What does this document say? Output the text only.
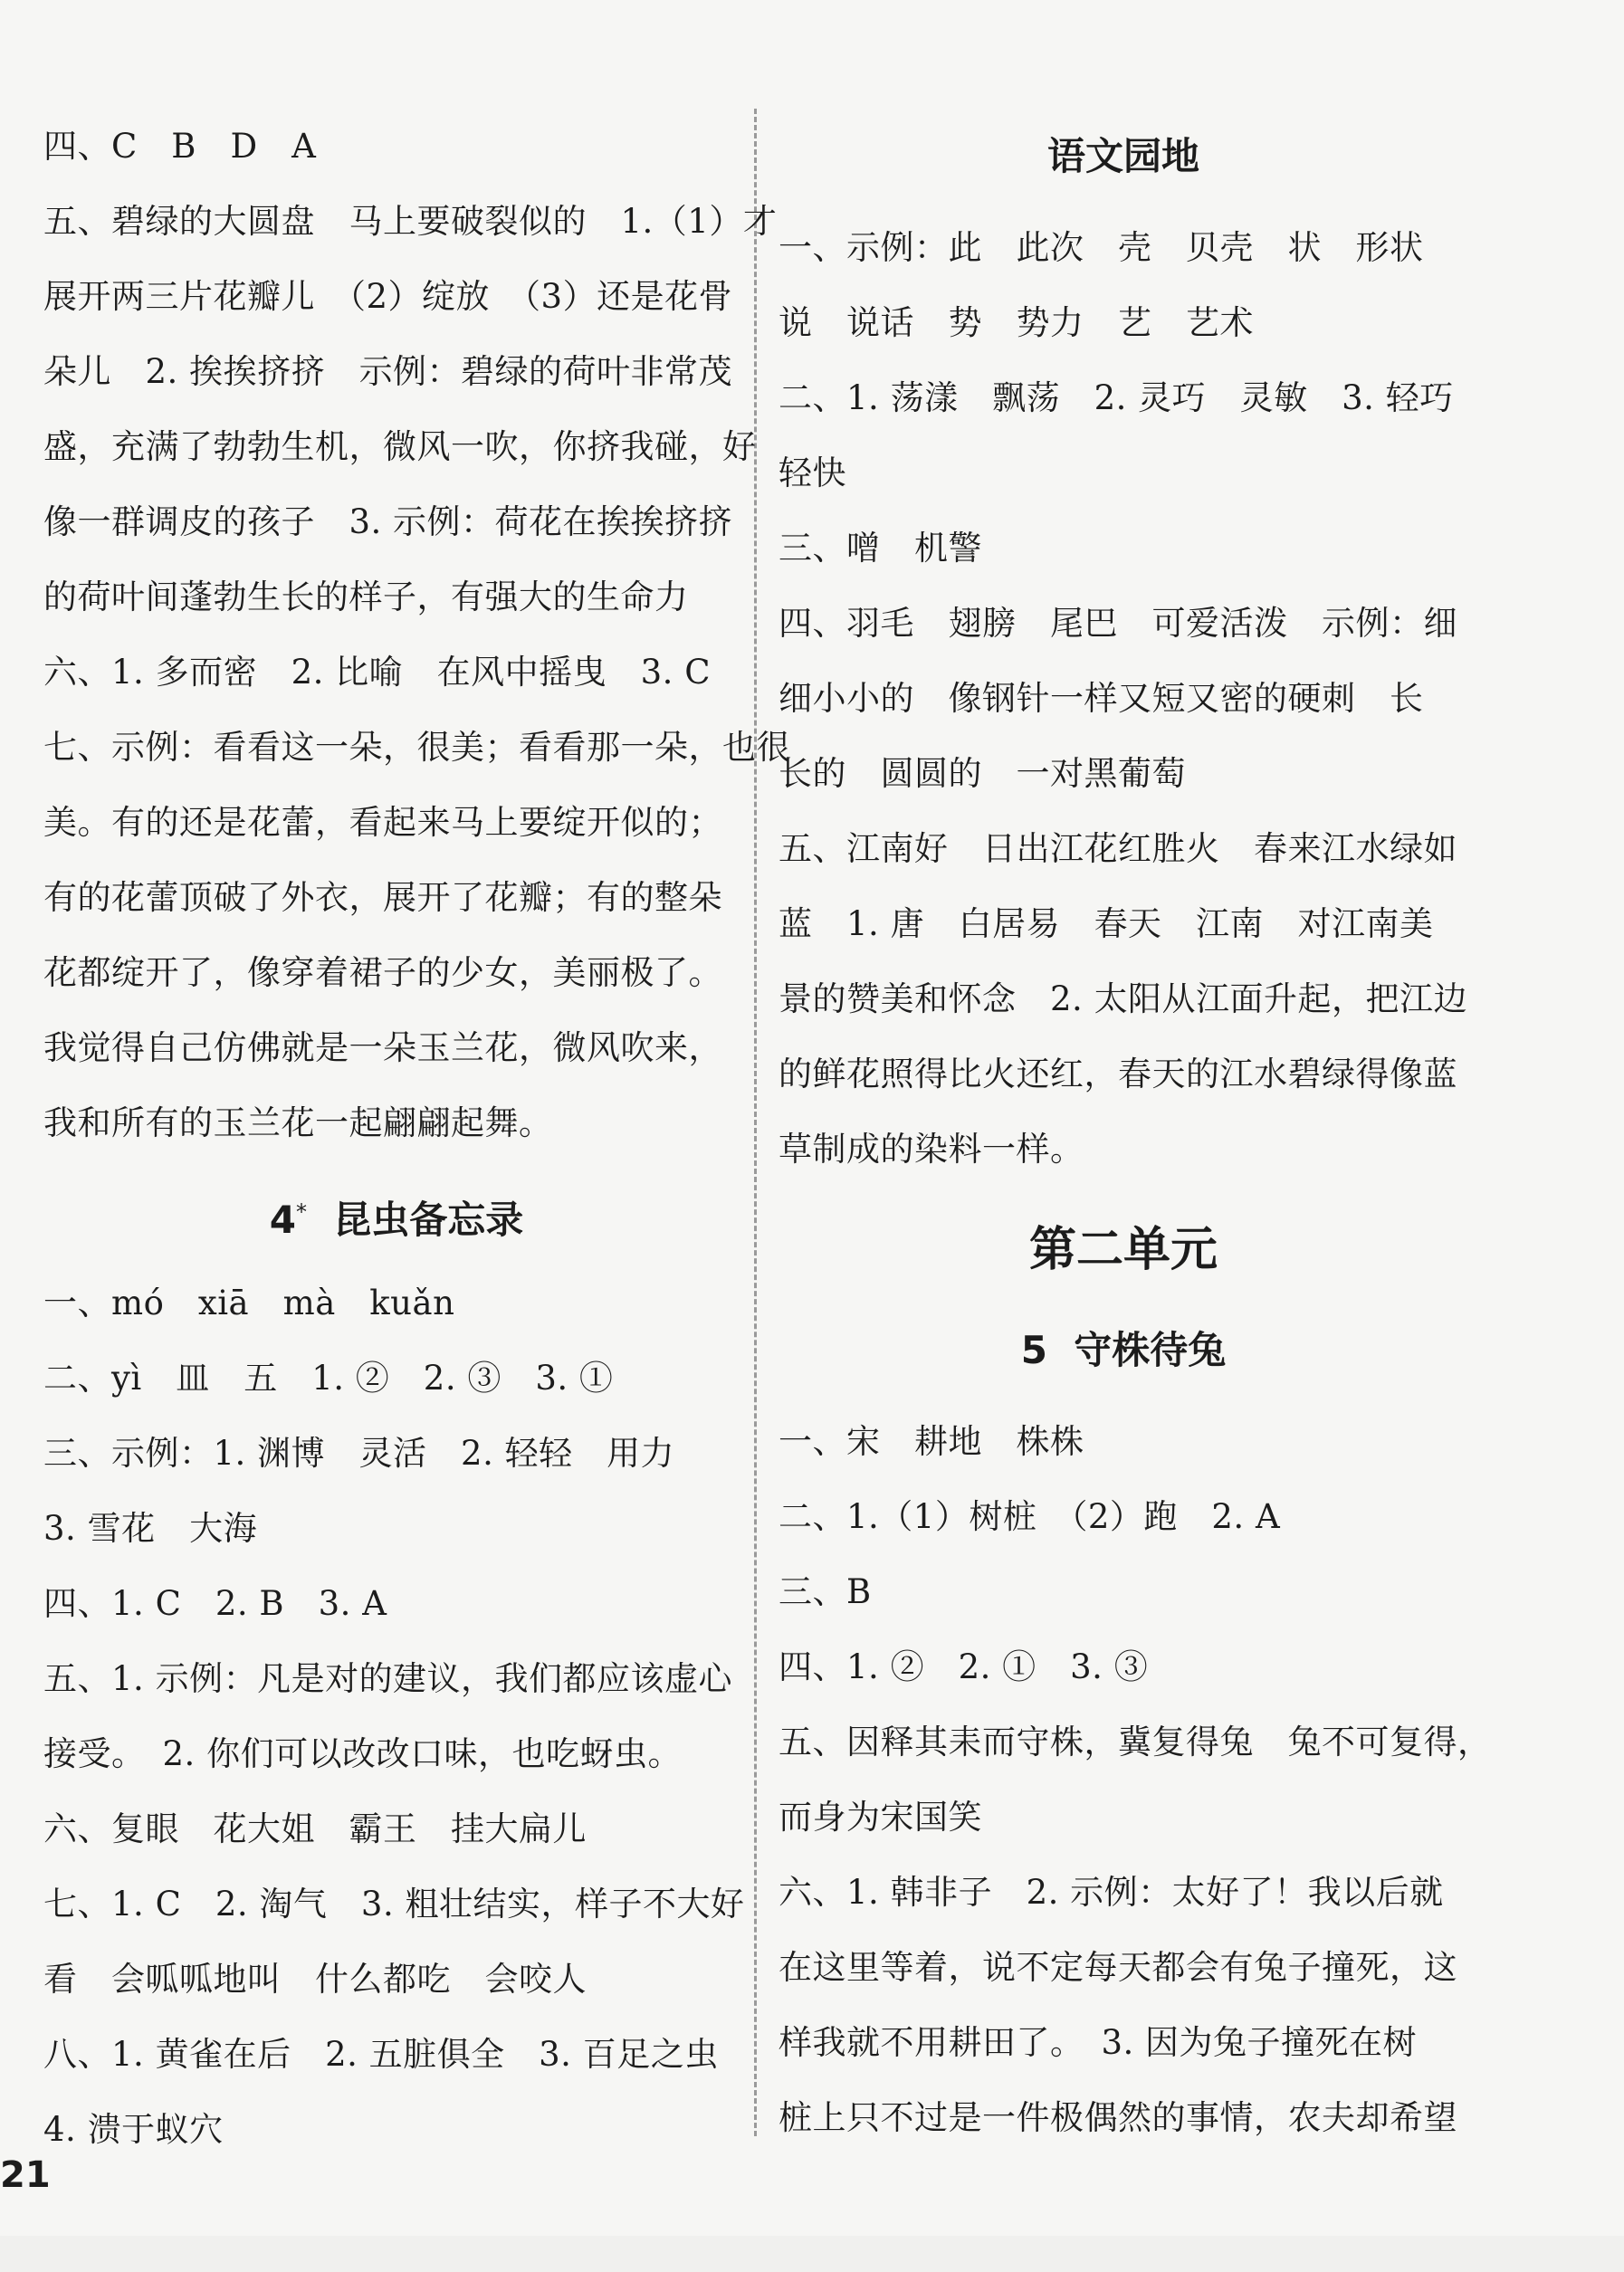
四、C　B　D　A
五、碧绿的大圆盘　马上要破裂似的　1.（1）才
展开两三片花瓣儿　（2）绽放　（3）还是花骨
朵儿　2. 挨挨挤挤　示例：碧绿的荷叶非常茂
盛，充满了勃勃生机，微风一吹，你挤我碰，好
像一群调皮的孩子　3. 示例：荷花在挨挨挤挤
的荷叶间蓬勃生长的样子，有强大的生命力
六、1. 多而密　2. 比喻　在风中摇曳　3. C
七、示例：看看这一朵，很美；看看那一朵，也很
美。有的还是花蕾，看起来马上要绽开似的；
有的花蕾顶破了外衣，展开了花瓣；有的整朵
花都绽开了，像穿着裙子的少女，美丽极了。
我觉得自己仿佛就是一朵玉兰花，微风吹来，
我和所有的玉兰花一起翩翩起舞。
4* 昆虫备忘录
一、mó　xiā　mà　kuǎn
二、yì　皿　五　1. ②　2. ③　3. ①
三、示例：1. 渊博　灵活　2. 轻轻　用力
3. 雪花　大海
四、1. C　2. B　3. A
五、1. 示例：凡是对的建议，我们都应该虚心
接受。　2. 你们可以改改口味，也吃蚜虫。
六、复眼　花大姐　霸王　挂大扁儿
七、1. C　2. 淘气　3. 粗壮结实，样子不大好
看　会呱呱地叫　什么都吃　会咬人
八、1. 黄雀在后　2. 五脏俱全　3. 百足之虫
4. 溃于蚁穴
语文园地
一、示例：此　此次　壳　贝壳　状　形状
说　说话　势　势力　艺　艺术
二、1. 荡漾　飘荡　2. 灵巧　灵敏　3. 轻巧
轻快
三、噌　机警
四、羽毛　翅膀　尾巴　可爱活泼　示例：细
细小小的　像钢针一样又短又密的硬刺　长
长的　圆圆的　一对黑葡萄
五、江南好　日出江花红胜火　春来江水绿如
蓝　1. 唐　白居易　春天　江南　对江南美
景的赞美和怀念　2. 太阳从江面升起，把江边
的鲜花照得比火还红，春天的江水碧绿得像蓝
草制成的染料一样。
第二单元
5 守株待兔
一、宋　耕地　株株
二、1.（1）树桩　（2）跑　2. A
三、B
四、1. ②　2. ①　3. ③
五、因释其耒而守株，冀复得兔　兔不可复得，
而身为宋国笑
六、1. 韩非子　2. 示例：太好了！我以后就
在这里等着，说不定每天都会有兔子撞死，这
样我就不用耕田了。　3. 因为兔子撞死在树
桩上只不过是一件极偶然的事情，农夫却希望
21
